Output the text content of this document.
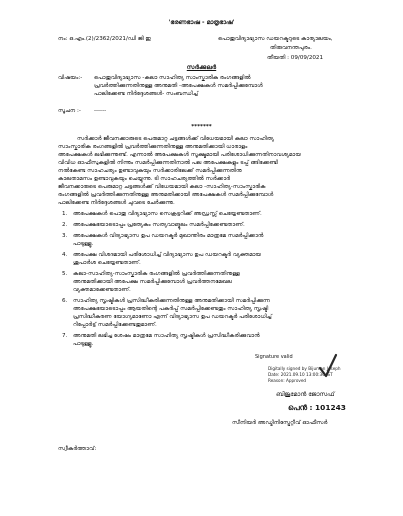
'ഭരണഭാഷ - മാതൃഭാഷ'
നം: ഒ.എം.(2)/2362/2021/ഡി ജി ഇ	പൊതുവിദ്യാഭ്യാസ ഡയറക്ടറുടെ കാര്യാലയം,
തിരുവനന്തപുരം.
തീയതി : 09/09/2021
സർക്കുലർ
വിഷയം:- പൊതുവിദ്യാഭ്യാസ -കലാ സാഹിത്യ സാംസ്കാരിക രംഗങ്ങളിൽ
പ്രവർത്തിക്കുന്നതിനുള്ള അനുമതി -അപേക്ഷകൾ സമർപ്പിക്കുമ്പോൾ
പാലിക്കേണ്ട നിർദ്ദേശങ്ങൾ- സംബന്ധിച്ച്
സൂചന :- ------
*******
സർക്കാർ ജീവനക്കാരുടെ പെരുമാറ്റ ചട്ടങ്ങൾക്ക് വിധേയമായി കലാ സാഹിത്യ
സാംസ്കാരിക രംഗങ്ങളിൽ പ്രവർത്തിക്കുന്നതിനുള്ള അനുമതിക്കായി ധാരാളം
അപേക്ഷകൾ ലഭിക്കുന്നുണ്ട്. എന്നാൽ അപേക്ഷകൾ സൂക്ഷ്മമായി പരിശോധിക്കുന്നതിനാവശ്യമായ
വിവിധ ഓഫീസുകളിൽ നിന്നും സമർപ്പിക്കുന്നതിനാൽ പല അപേക്ഷകളും ടപ്പ് ങ്ങിക്കേണ്ടി
നൽകേണ്ട സാഹചര്യം ഉണ്ടാവുകയും സർക്കാരിലേക്ക് സമർപ്പിക്കുന്നതിനു
കാലതാമസം ഉണ്ടാവുകയും ചെയ്യുന്നു. ടി സാഹചര്യത്തിൽ സർക്കാർ
ജീവനക്കാരുടെ പെരുമാറ്റ ചട്ടങ്ങൾക്ക് വിധേയമായി കലാ -സാഹിത്യ-സാംസ്കാരിക
രംഗങ്ങളിൽ പ്രവർത്തിക്കുന്നതിനുള്ള അനുമതിക്കായി അപേക്ഷകൾ സമർപ്പിക്കുമ്പോൾ
പാലിക്കേണ്ട നിർദ്ദേശങ്ങൾ ചുവടെ ചേർക്കുന്നു.
1. അപേക്ഷകൾ പൊതു വിദ്യാഭ്യാസ സെക്രട്ടറിക്ക് അഡ്രസ്സ് ചെയ്യേണ്ടതാണ്.
2. അപേക്ഷയോടൊപ്പം പ്രത്യേകം സത്യവാങ്മൂലം സമർപ്പിക്കേണ്ടതാണ്.
3. അപേക്ഷകൾ വിദ്യാഭ്യാസ ഉപ ഡയറക്ടർ മുഖാന്തിരം മാത്രമേ സമർപ്പിക്കാൻ
പാടുള്ളൂ.
4. അപേക്ഷ വിശദമായി പരിശോധിച്ച് വിദ്യാഭ്യാസ ഉപ ഡയറക്ടർ വ്യക്തമായ
ശുപാർശ ചെയ്യേണ്ടതാണ്.
5. കലാ-സാഹിത്യ-സാംസ്കാരിക രംഗങ്ങളിൽ പ്രവർത്തിക്കുന്നതിനുള്ള
അനുമതിക്കായി അപേക്ഷ സമർപ്പിക്കുമ്പോൾ പ്രവർത്തനമേഖല
വ്യക്തമാക്കേണ്ടതാണ്.
6. സാഹിത്യ സൃഷ്ടികൾ പ്രസിദ്ധീകരിക്കുന്നതിനുള്ള അനുമതിക്കായി സമർപ്പിക്കുന്ന
അപേക്ഷയോടൊപ്പം ആയതിന്റെ പകർപ്പ് സമർപ്പിക്കേണ്ടതും സാഹിത്യ സൃഷ്ടി
പ്രസിദ്ധീകരണ യോഗ്യമാണോ എന്ന് വിദ്യാഭ്യാസ ഉപ ഡയറക്ടർ പരിശോധിച്ച്
റിപ്പോർട്ട് സമർപ്പിക്കേണ്ടതുമാണ്.
7. അനുമതി ലഭിച്ച ശേഷം മാത്രമേ സാഹിത്യ സൃഷ്ടികൾ പ്രസിദ്ധീകരിക്കുവാൻ
പാടുള്ളൂ.
Signature valid
Digitally signed by Bijumon Joseph
Date: 2021.09.10 13:00:36 IST
Reason: Approved
ബിജുമോൻ ജോസഫ്
പെൻ : 101243
സീനിയർ അഡ്മിനിസ്ട്രേറ്റീവ് ഓഫീസർ
സ്വീകർത്താവ്:
